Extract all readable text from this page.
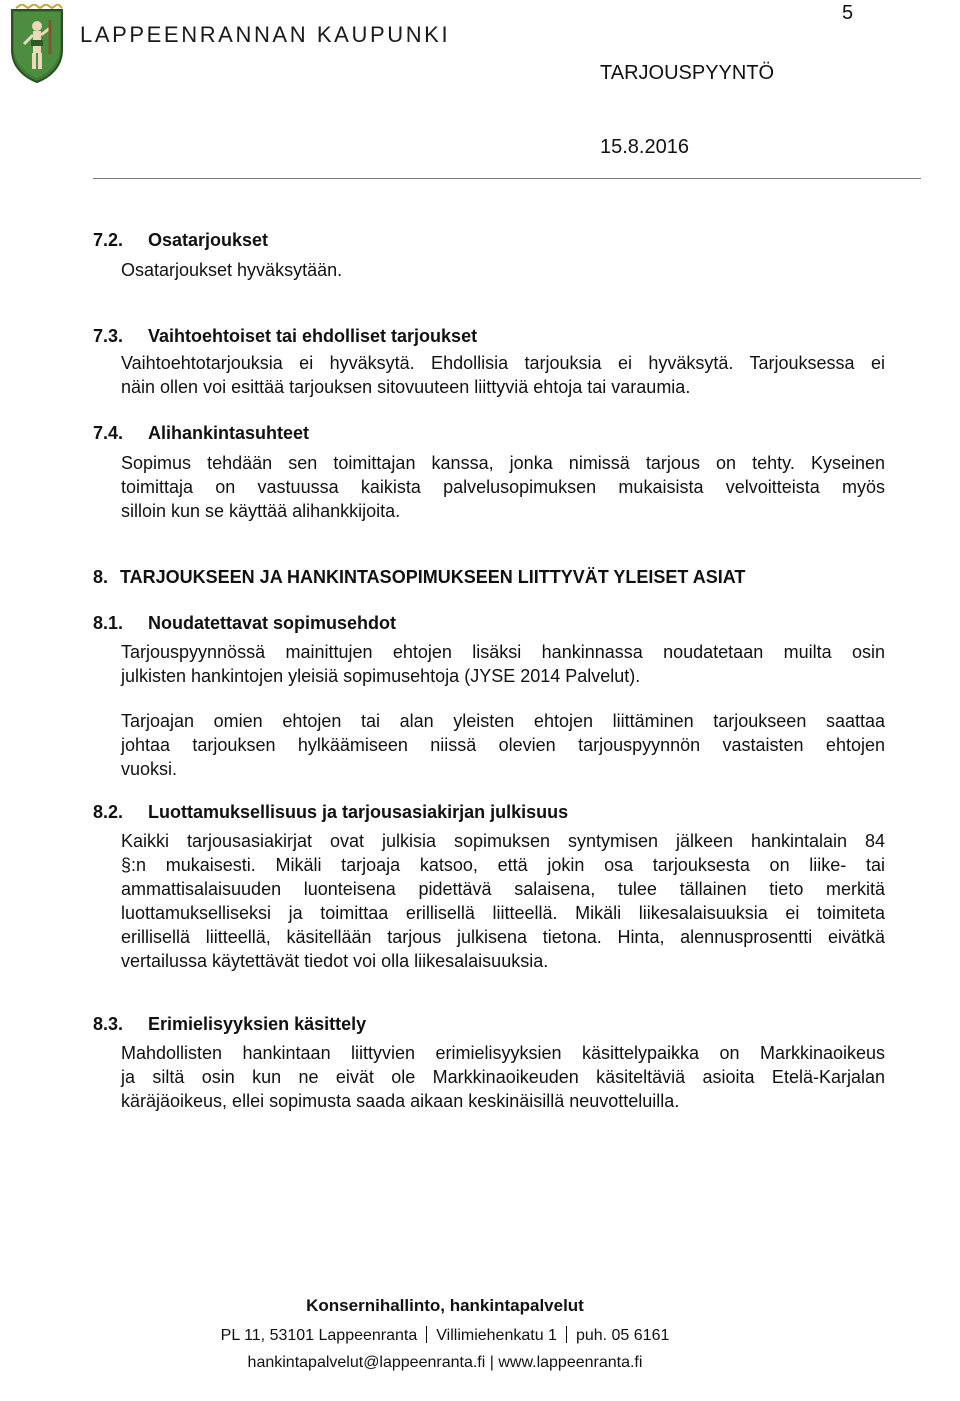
LAPPEENRANNAN KAUPUNKI
5
TARJOUSPYYNTÖ
15.8.2016
7.2. Osatarjoukset
Osatarjoukset hyväksytään.
7.3. Vaihtoehtoiset tai ehdolliset tarjoukset
Vaihtoehtotarjouksia ei hyväksytä. Ehdollisia tarjouksia ei hyväksytä. Tarjouksessa ei
näin ollen voi esittää tarjouksen sitovuuteen liittyviä ehtoja tai varaumia.
7.4. Alihankintasuhteet
Sopimus tehdään sen toimittajan kanssa, jonka nimissä tarjous on tehty. Kyseinen
toimittaja on vastuussa kaikista palvelusopimuksen mukaisista velvoitteista myös
silloin kun se käyttää alihankkijoita.
8. TARJOUKSEEN JA HANKINTASOPIMUKSEEN LIITTYVÄT YLEISET ASIAT
8.1. Noudatettavat sopimusehdot
Tarjouspyynnössä mainittujen ehtojen lisäksi hankinnassa noudatetaan muilta osin
julkisten hankintojen yleisiä sopimusehtoja (JYSE 2014 Palvelut).
Tarjoajan omien ehtojen tai alan yleisten ehtojen liittäminen tarjoukseen saattaa
johtaa tarjouksen hylkäämiseen niissä olevien tarjouspyynnön vastaisten ehtojen
vuoksi.
8.2. Luottamuksellisuus ja tarjousasiakirjan julkisuus
Kaikki tarjousasiakirjat ovat julkisia sopimuksen syntymisen jälkeen hankintalain 84
§:n mukaisesti. Mikäli tarjoaja katsoo, että jokin osa tarjouksesta on liike- tai
ammattisalaisuuden luonteisena pidettävä salaisena, tulee tällainen tieto merkitä
luottamukselliseksi ja toimittaa erillisellä liitteellä. Mikäli liikesalaisuuksia ei toimiteta
erillisellä liitteellä, käsitellään tarjous julkisena tietona. Hinta, alennusprosentti eivätkä
vertailussa käytettävät tiedot voi olla liikesalaisuuksia.
8.3. Erimielisyyksien käsittely
Mahdollisten hankintaan liittyvien erimielisyyksien käsittelypaikka on Markkinaoikeus
ja siltä osin kun ne eivät ole Markkinaoikeuden käsiteltäviä asioita Etelä-Karjalan
käräjäoikeus, ellei sopimusta saada aikaan keskinäisillä neuvotteluilla.
Konsernihallinto, hankintapalvelut
PL 11, 53101 Lappeenranta Villimiehenkatu 1 puh. 05 6161
hankintapalvelut@lappeenranta.fi | www.lappeenranta.fi
